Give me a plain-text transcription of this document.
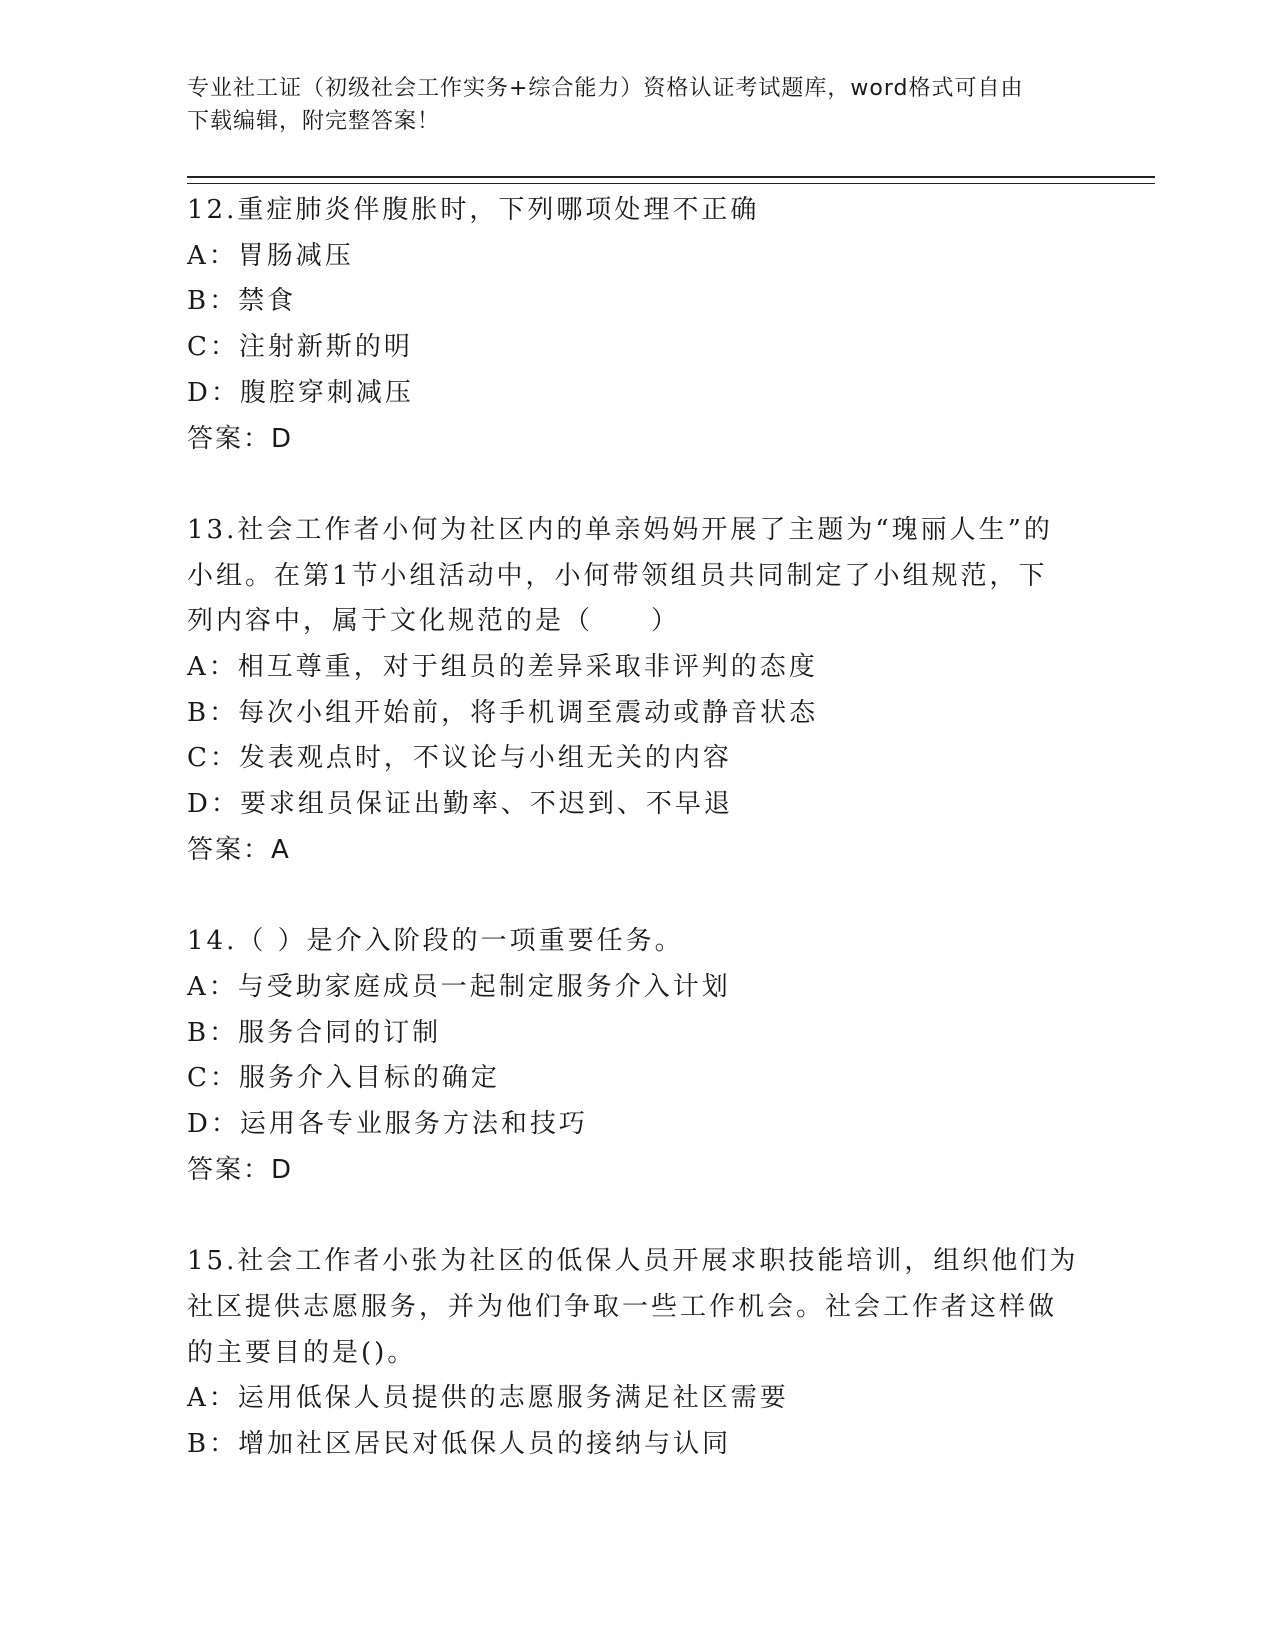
专业社工证（初级社会工作实务+综合能力）资格认证考试题库，word格式可自由
下载编辑，附完整答案！
12.重症肺炎伴腹胀时，下列哪项处理不正确
A：胃肠减压
B：禁食
C：注射新斯的明
D：腹腔穿刺减压
答案：D
13.社会工作者小何为社区内的单亲妈妈开展了主题为“瑰丽人生”的
小组。在第1节小组活动中，小何带领组员共同制定了小组规范，下
列内容中，属于文化规范的是（　　）
A：相互尊重，对于组员的差异采取非评判的态度
B：每次小组开始前，将手机调至震动或静音状态
C：发表观点时，不议论与小组无关的内容
D：要求组员保证出勤率、不迟到、不早退
答案：A
14.（ ）是介入阶段的一项重要任务。
A：与受助家庭成员一起制定服务介入计划
B：服务合同的订制
C：服务介入目标的确定
D：运用各专业服务方法和技巧
答案：D
15.社会工作者小张为社区的低保人员开展求职技能培训，组织他们为
社区提供志愿服务，并为他们争取一些工作机会。社会工作者这样做
的主要目的是()。
A：运用低保人员提供的志愿服务满足社区需要
B：增加社区居民对低保人员的接纳与认同
